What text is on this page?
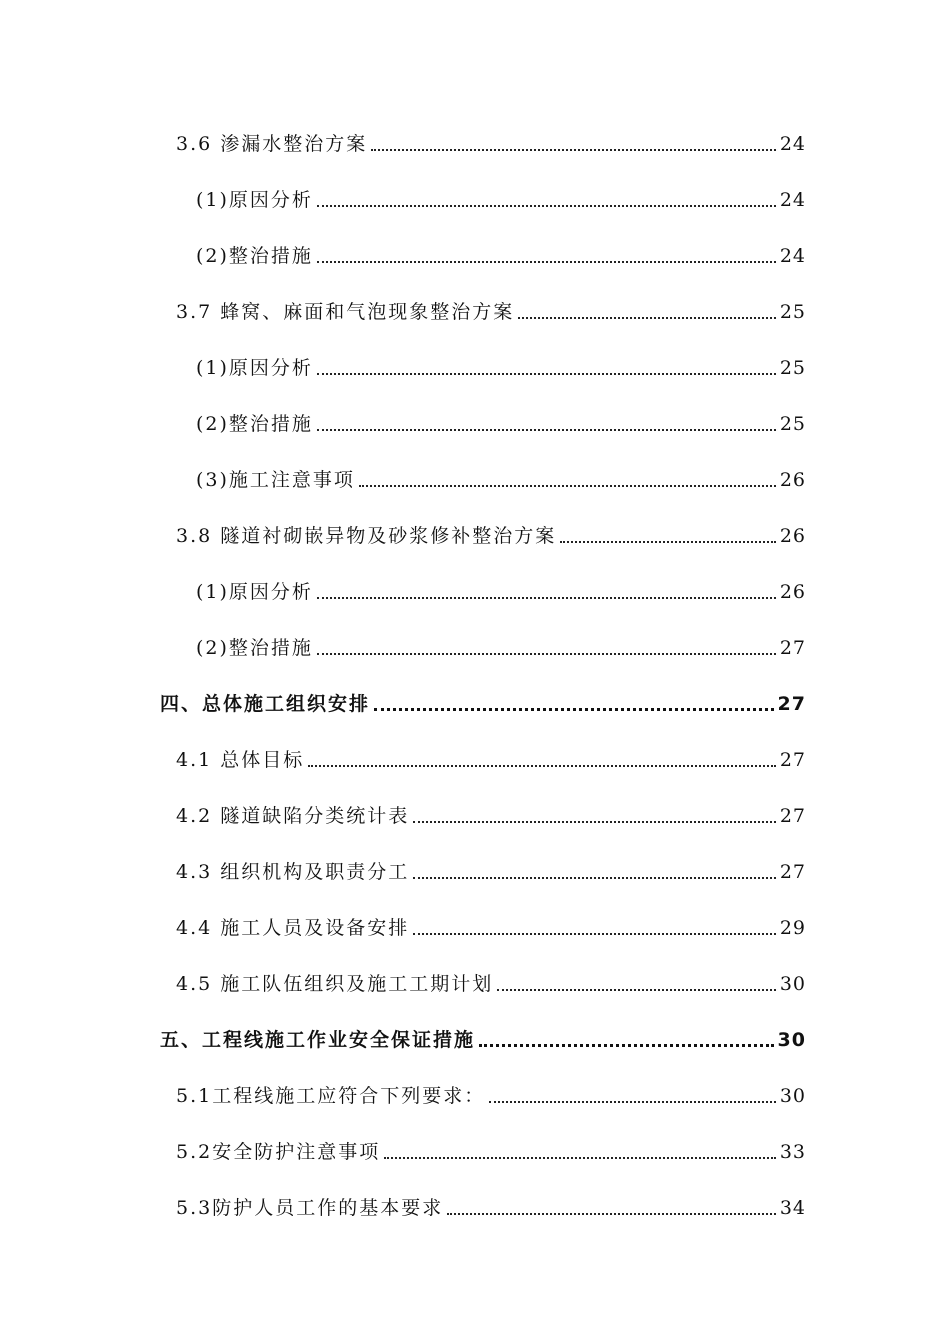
3.6 渗漏水整治方案	24
(1)原因分析	24
(2)整治措施	24
3.7 蜂窝、麻面和气泡现象整治方案	25
(1)原因分析	25
(2)整治措施	25
(3)施工注意事项	26
3.8 隧道衬砌嵌异物及砂浆修补整治方案	26
(1)原因分析	26
(2)整治措施	27
四、总体施工组织安排	27
4.1 总体目标	27
4.2 隧道缺陷分类统计表	27
4.3 组织机构及职责分工	27
4.4 施工人员及设备安排	29
4.5 施工队伍组织及施工工期计划	30
五、工程线施工作业安全保证措施	30
5.1工程线施工应符合下列要求：	30
5.2安全防护注意事项	33
5.3防护人员工作的基本要求	34
